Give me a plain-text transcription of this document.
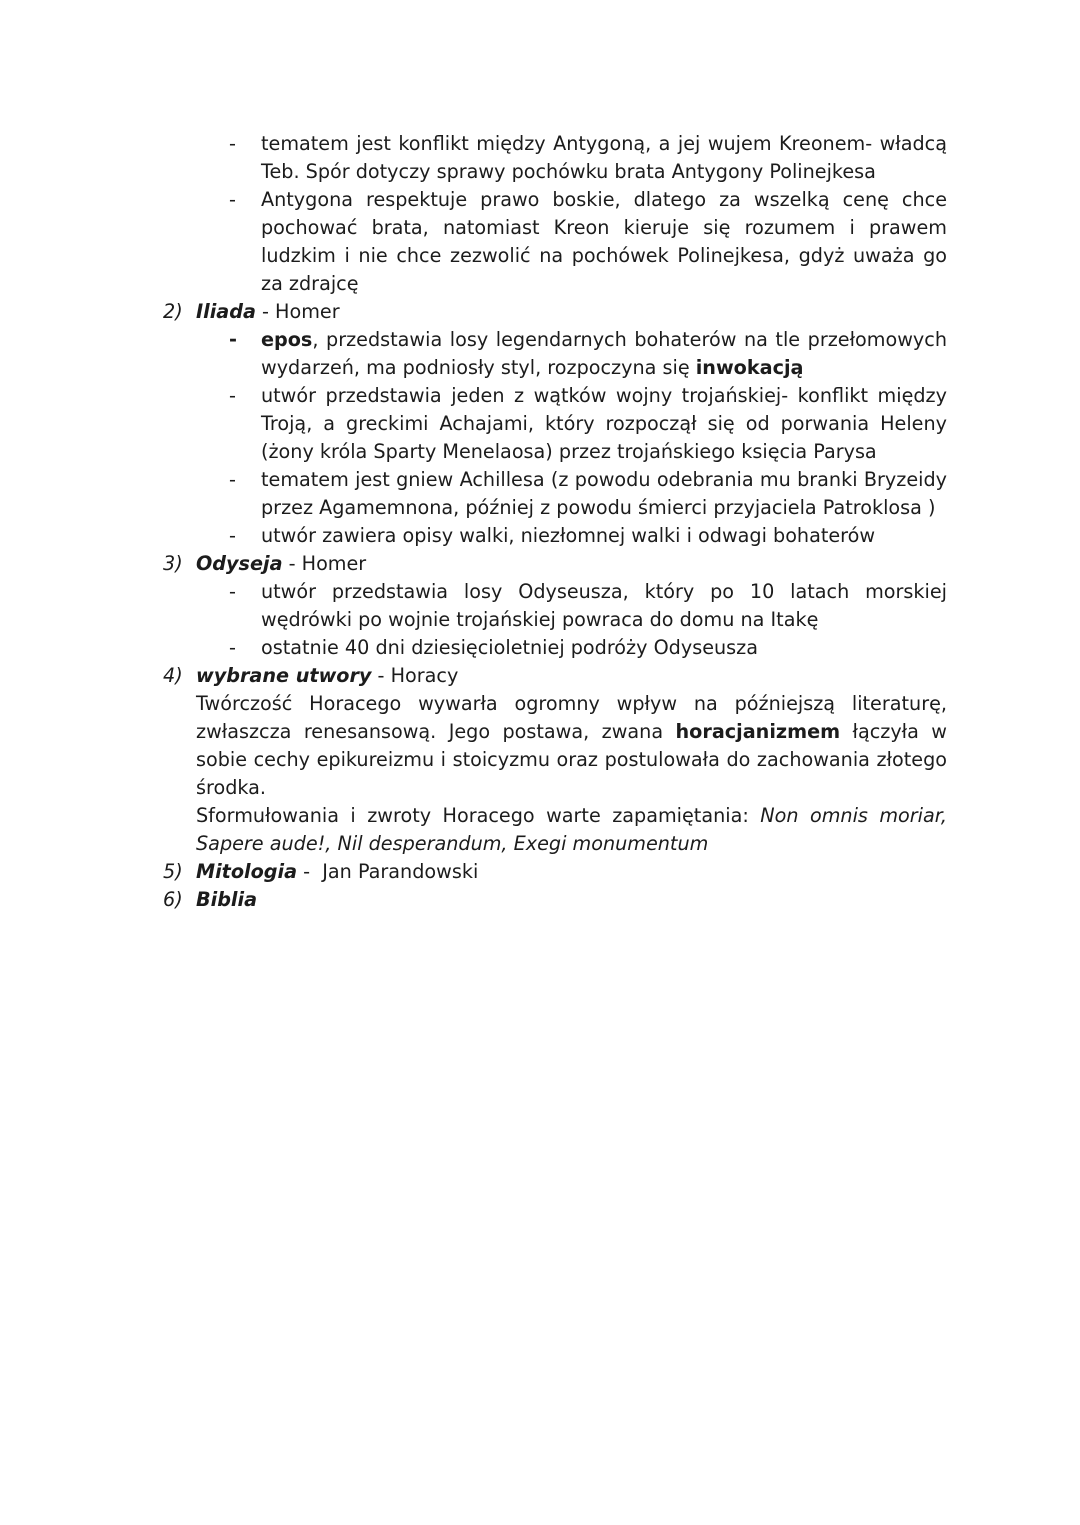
- tematem jest konflikt między Antygoną, a jej wujem Kreonem- władcą Teb. Spór dotyczy sprawy pochówku brata Antygony Polinejkesa
- Antygona respektuje prawo boskie, dlatego za wszelką cenę chce pochować brata, natomiast Kreon kieruje się rozumem i prawem ludzkim i nie chce zezwolić na pochówek Polinejkesa, gdyż uważa go za zdrajcę
2) Iliada - Homer
- epos, przedstawia losy legendarnych bohaterów na tle przełomowych wydarzeń, ma podniosły styl, rozpoczyna się inwokacją
- utwór przedstawia jeden z wątków wojny trojańskiej- konflikt między Troją, a greckimi Achajami, który rozpoczął się od porwania Heleny (żony króla Sparty Menelaosa) przez trojańskiego księcia Parysa
- tematem jest gniew Achillesa (z powodu odebrania mu branki Bryzeidy przez Agamemnona, później z powodu śmierci przyjaciela Patroklosa )
- utwór zawiera opisy walki, niezłomnej walki i odwagi bohaterów
3) Odyseja - Homer
- utwór przedstawia losy Odyseusza, który po 10 latach morskiej wędrówki po wojnie trojańskiej powraca do domu na Itakę
- ostatnie 40 dni dziesięcioletniej podróży Odyseusza
4) wybrane utwory - Horacy
Twórczość Horacego wywarła ogromny wpływ na późniejszą literaturę, zwłaszcza renesansową. Jego postawa, zwana horacjanizmem łączyła w sobie cechy epikureizmu i stoicyzmu oraz postulowała do zachowania złotego środka.
Sformułowania i zwroty Horacego warte zapamiętania: Non omnis moriar, Sapere aude!, Nil desperandum, Exegi monumentum
5) Mitologia -  Jan Parandowski
6) Biblia
